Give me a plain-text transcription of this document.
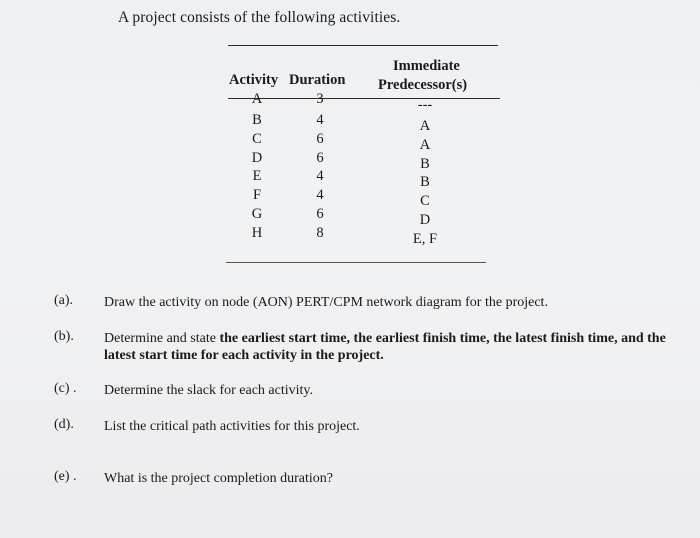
A project consists of the following activities.
Immediate
Activity Duration Predecessor(s)
A	3	---
B	4	A
C	6	A
D	6	B
E	4	B
F	4	C
G	6	D
H	8	E, F
(a). Draw the activity on node (AON) PERT/CPM network diagram for the project.
(b). Determine and state the earliest start time, the earliest finish time, the latest finish time, and the latest start time for each activity in the project.
(c) . Determine the slack for each activity.
(d). List the critical path activities for this project.
(e) . What is the project completion duration?
